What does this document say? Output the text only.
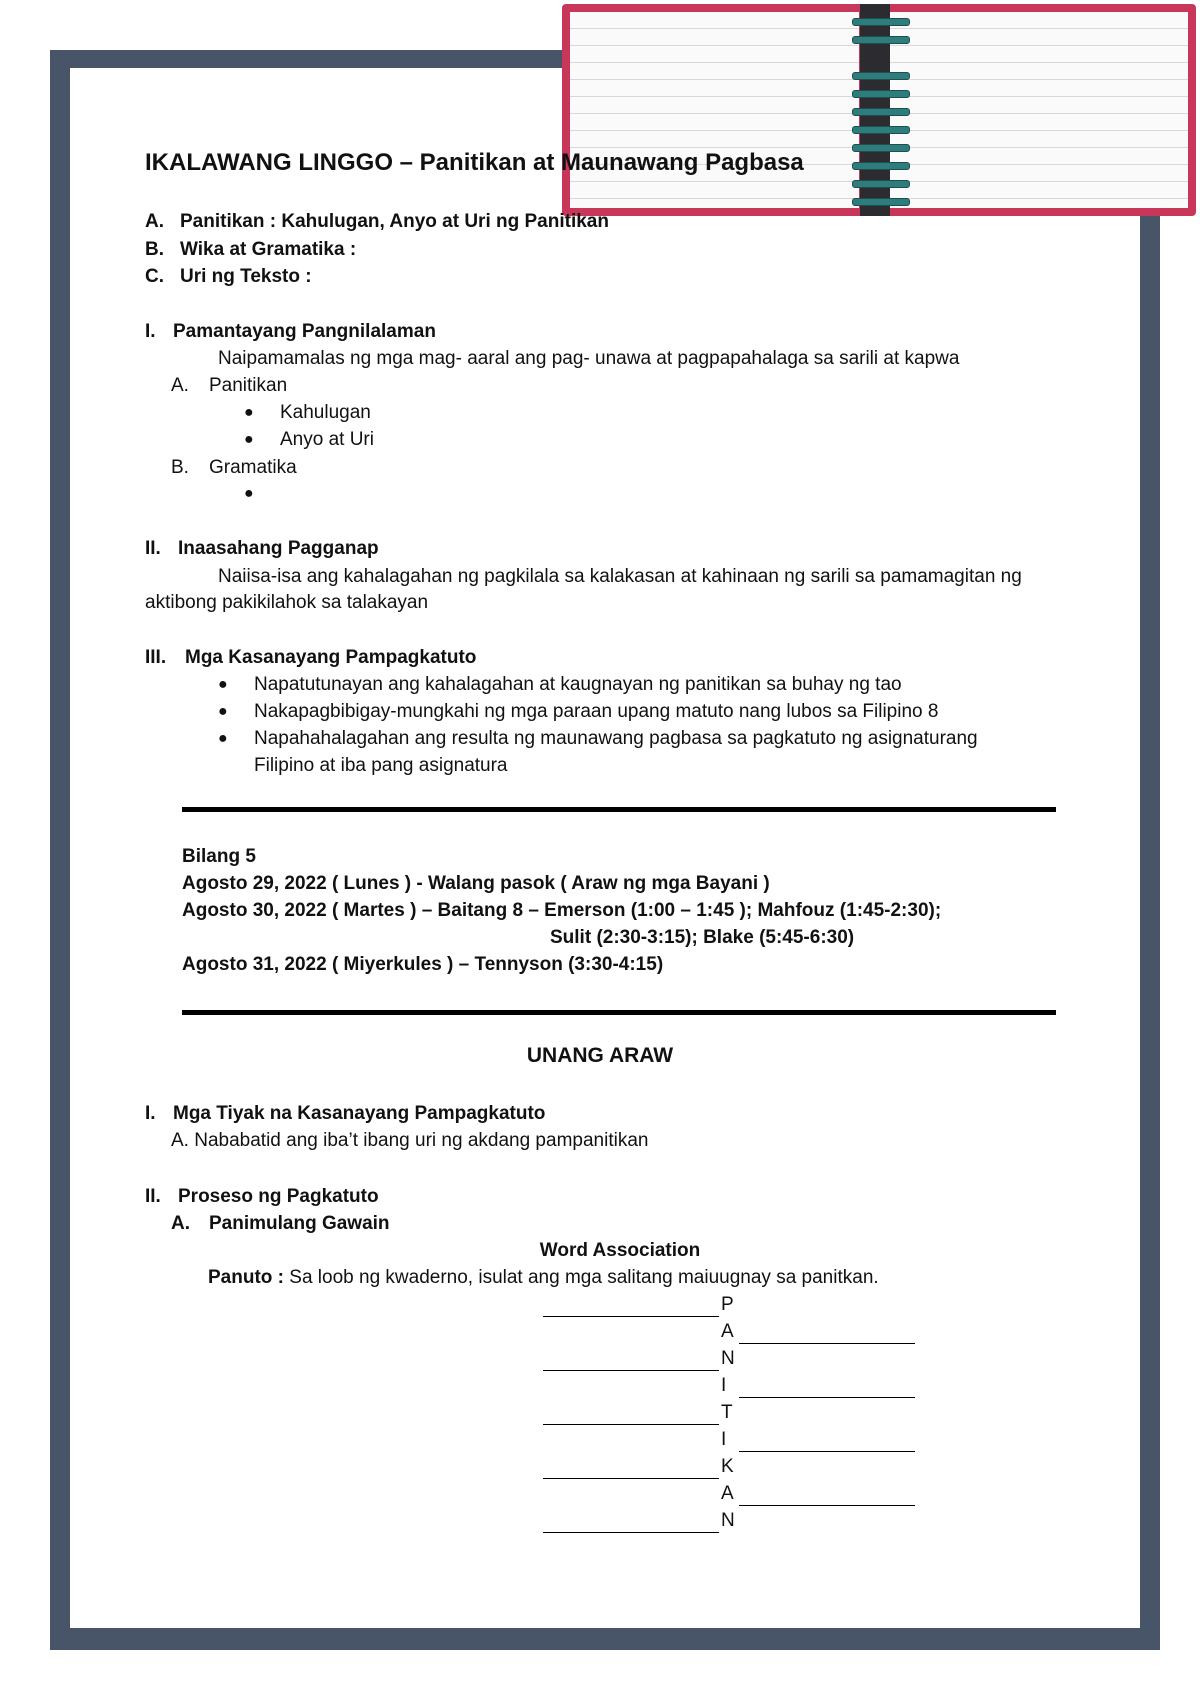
IKALAWANG LINGGO – Panitikan at Maunawang Pagbasa
A. Panitikan : Kahulugan, Anyo at Uri ng Panitikan
B. Wika at Gramatika :
C. Uri ng Teksto :
I. Pamantayang Pangnilalaman
Naipamamalas ng mga mag- aaral ang pag- unawa at pagpapahalaga sa sarili at kapwa
A. Panitikan
● Kahulugan
● Anyo at Uri
B. Gramatika
●
II. Inaasahang Pagganap
Naiisa-isa ang kahalagahan ng pagkilala sa kalakasan at kahinaan ng sarili sa pamamagitan ng
aktibong pakikilahok sa talakayan
III. Mga Kasanayang Pampagkatuto
● Napatutunayan ang kahalagahan at kaugnayan ng panitikan sa buhay ng tao
● Nakapagbibigay-mungkahi ng mga paraan upang matuto nang lubos sa Filipino 8
● Napahahalagahan ang resulta ng maunawang pagbasa sa pagkatuto ng asignaturang
Filipino at iba pang asignatura
Bilang 5
Agosto 29, 2022 ( Lunes ) - Walang pasok ( Araw ng mga Bayani )
Agosto 30, 2022 ( Martes ) – Baitang 8 – Emerson (1:00 – 1:45 ); Mahfouz (1:45-2:30);
Sulit (2:30-3:15); Blake (5:45-6:30)
Agosto 31, 2022 ( Miyerkules ) – Tennyson (3:30-4:15)
UNANG ARAW
I. Mga Tiyak na Kasanayang Pampagkatuto
A. Nababatid ang iba’t ibang uri ng akdang pampanitikan
II. Proseso ng Pagkatuto
A. Panimulang Gawain
Word Association
Panuto : Sa loob ng kwaderno, isulat ang mga salitang maiuugnay sa panitkan.
P
A
N
I
T
I
K
A
N
